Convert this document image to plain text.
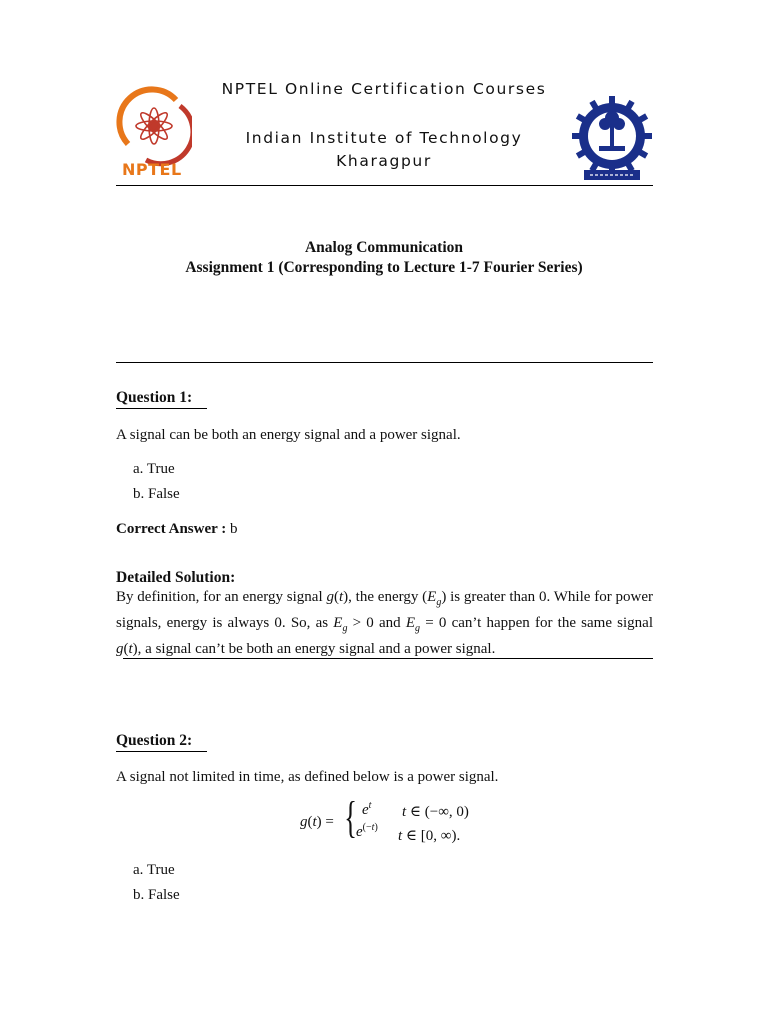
NPTEL
NPTEL Online Certification Courses
Indian Institute of Technology
Kharagpur
Analog Communication
Assignment 1 (Corresponding to Lecture 1-7 Fourier Series)
Question 1:
A signal can be both an energy signal and a power signal.
a. True
b. False
Correct Answer : b
Detailed Solution:
By definition, for an energy signal g(t), the energy $(E_g)$ is greater than 0. While for power signals, energy is always 0. So, as $E_g > 0$ and $E_g = 0$ can’t happen for the same signal g(t), a signal can’t be both an energy signal and a power signal.
Question 2:
A signal not limited in time, as defined below is a power signal.
g(t) = { $e^t$ t ∈ (−∞, 0)
$e^{(-t)}$
t ∈ [0, ∞).
a. True
b. False
